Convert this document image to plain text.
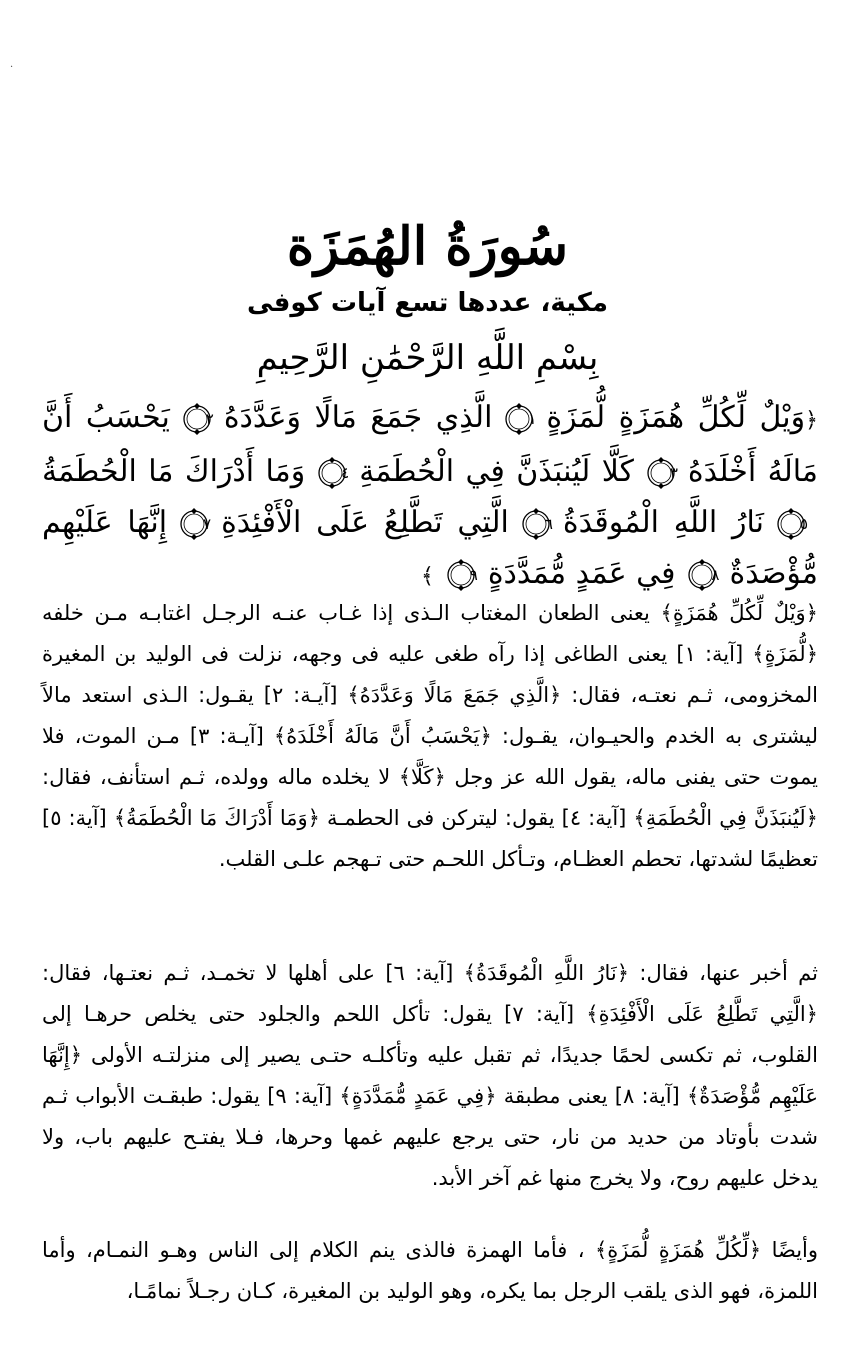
·
سُورَةُ الهُمَزَة
مكية، عددها تسع آيات كوفى
بِسْمِ اللَّهِ الرَّحْمَٰنِ الرَّحِيمِ
﴿وَيْلٌ لِّكُلِّ هُمَزَةٍ لُّمَزَةٍ
١
الَّذِي جَمَعَ مَالًا وَعَدَّدَهُ
٢
يَحْسَبُ أَنَّ مَالَهُ أَخْلَدَهُ
٣
كَلَّا لَيُنبَذَنَّ فِي الْحُطَمَةِ
٤
وَمَا أَدْرَاكَ مَا الْحُطَمَةُ
٥
نَارُ اللَّهِ الْمُوقَدَةُ
٦
الَّتِي تَطَّلِعُ عَلَى الْأَفْئِدَةِ
٧
إِنَّهَا عَلَيْهِم مُّؤْصَدَةٌ
٨
فِي عَمَدٍ مُّمَدَّدَةٍ
٩
﴾
﴿وَيْلٌ لِّكُلِّ هُمَزَةٍ﴾ يعنى الطعان المغتاب الـذى إذا غـاب عنـه الرجـل اغتابـه مـن خلفه ﴿لُّمَزَةٍ﴾ [آية: ١] يعنى الطاغى إذا رآه طغى عليه فى وجهه، نزلت فى الوليد بن المغيرة المخزومى، ثـم نعتـه، فقال: ﴿الَّذِي جَمَعَ مَالًا وَعَدَّدَهُ﴾ [آيـة: ٢] يقـول: الـذى استعد مالاً ليشترى به الخدم والحيـوان، يقـول: ﴿يَحْسَبُ أَنَّ مَالَهُ أَخْلَدَهُ﴾ [آيـة: ٣] مـن الموت، فلا يموت حتى يفنى ماله، يقول الله عز وجل ﴿كَلَّا﴾ لا يخلده ماله وولده، ثـم استأنف، فقال: ﴿لَيُنبَذَنَّ فِي الْحُطَمَةِ﴾ [آية: ٤] يقول: ليتركن فى الحطمـة ﴿وَمَا أَدْرَاكَ مَا الْحُطَمَةُ﴾ [آية: ٥] تعظيمًا لشدتها، تحطم العظـام، وتـأكل اللحـم حتى تـهجم علـى القلب.
ثم أخبر عنها، فقال: ﴿نَارُ اللَّهِ الْمُوقَدَةُ﴾ [آية: ٦] على أهلها لا تخمـد، ثـم نعتـها، فقال: ﴿الَّتِي تَطَّلِعُ عَلَى الْأَفْئِدَةِ﴾ [آية: ٧] يقول: تأكل اللحم والجلود حتى يخلص حرهـا إلى القلوب، ثم تكسى لحمًا جديدًا، ثم تقبل عليه وتأكلـه حتـى يصير إلى منزلتـه الأولى ﴿إِنَّهَا عَلَيْهِم مُّؤْصَدَةٌ﴾ [آية: ٨] يعنى مطبقة ﴿فِي عَمَدٍ مُّمَدَّدَةٍ﴾ [آية: ٩] يقول: طبقـت الأبواب ثـم شدت بأوتاد من حديد من نار، حتى يرجع عليهم غمها وحرها، فـلا يفتـح عليهم باب، ولا يدخل عليهم روح، ولا يخرج منها غم آخر الأبد.
وأيضًا ﴿لِّكُلِّ هُمَزَةٍ لُّمَزَةٍ﴾ ، فأما الهمزة فالذى ينم الكلام إلى الناس وهـو النمـام، وأما اللمزة، فهو الذى يلقب الرجل بما يكره، وهو الوليد بن المغيرة، كـان رجـلاً نمامًـا،
